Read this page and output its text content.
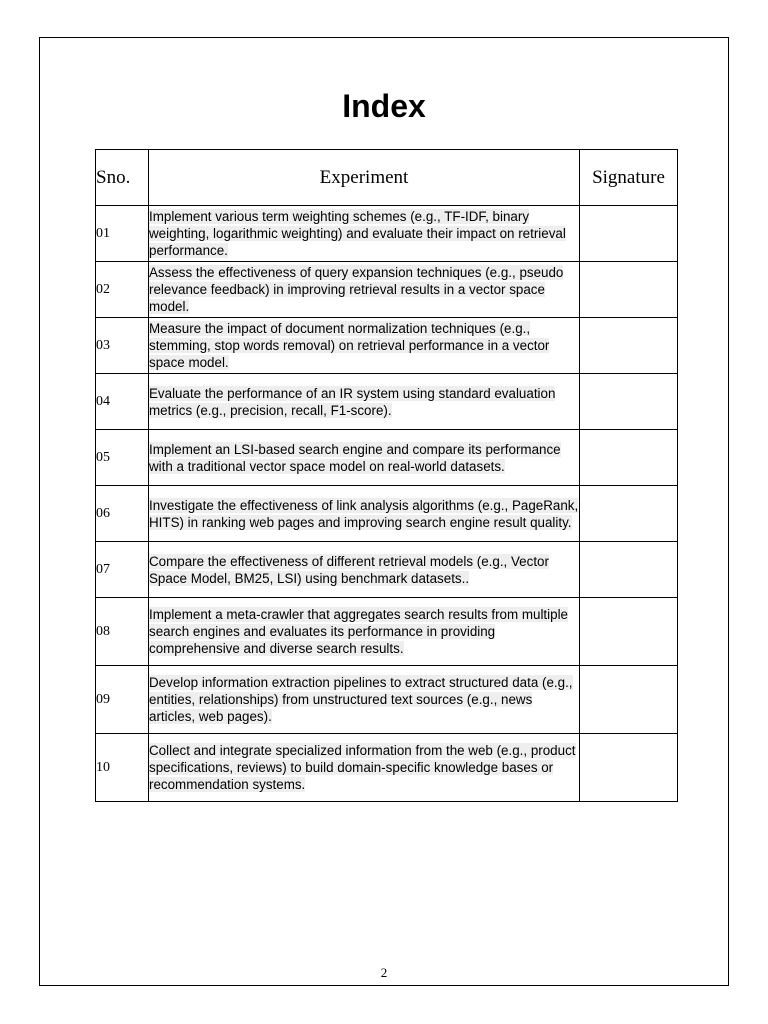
Index
Sno.	Experiment	Signature
01	Implement various term weighting schemes (e.g., TF-IDF, binary weighting, logarithmic weighting) and evaluate their impact on retrieval performance.	
02	Assess the effectiveness of query expansion techniques (e.g., pseudo relevance feedback) in improving retrieval results in a vector space model.	
03	Measure the impact of document normalization techniques (e.g., stemming, stop words removal) on retrieval performance in a vector space model.	
04	Evaluate the performance of an IR system using standard evaluation metrics (e.g., precision, recall, F1-score).	
05	Implement an LSI-based search engine and compare its performance with a traditional vector space model on real-world datasets.	
06	Investigate the effectiveness of link analysis algorithms (e.g., PageRank, HITS) in ranking web pages and improving search engine result quality.	
07	Compare the effectiveness of different retrieval models (e.g., Vector Space Model, BM25, LSI) using benchmark datasets..	
08	Implement a meta-crawler that aggregates search results from multiple search engines and evaluates its performance in providing comprehensive and diverse search results.	
09	Develop information extraction pipelines to extract structured data (e.g., entities, relationships) from unstructured text sources (e.g., news articles, web pages).	
10	Collect and integrate specialized information from the web (e.g., product specifications, reviews) to build domain-specific knowledge bases or recommendation systems.	
2
